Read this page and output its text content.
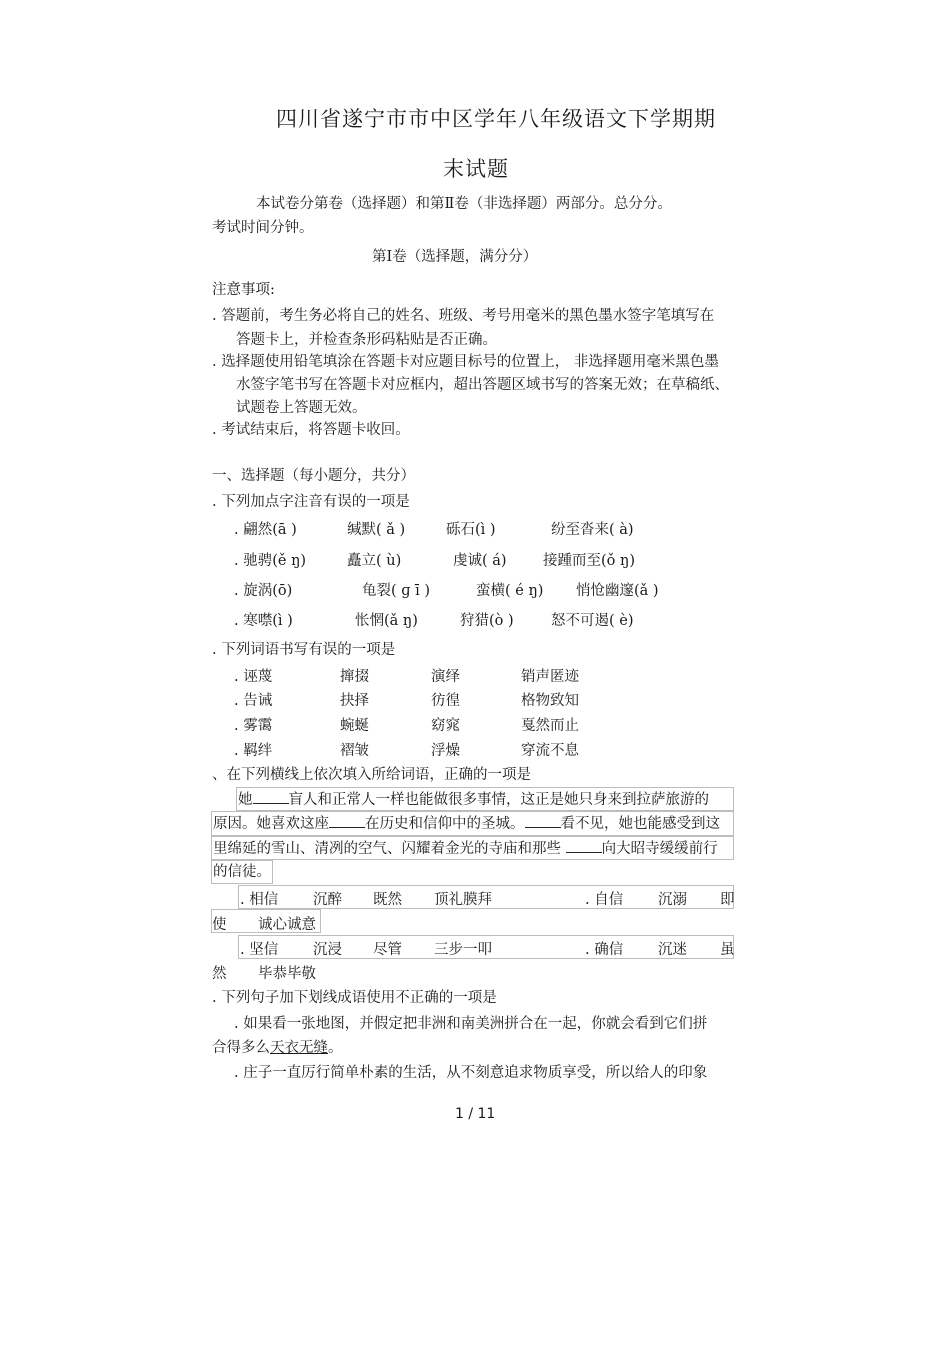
四川省遂宁市市中区学年八年级语文下学期期
末试题
本试卷分第卷（选择题）和第Ⅱ卷（非选择题）两部分。总分分。
考试时间分钟。
第Ⅰ卷（选择题，满分分）
注意事项:
. 答题前，考生务必将自己的姓名、班级、考号用毫米的黑色墨水签字笔填写在
答题卡上，并检查条形码粘贴是否正确。
. 选择题使用铅笔填涂在答题卡对应题目标号的位置上， 非选择题用毫米黑色墨
水签字笔书写在答题卡对应框内，超出答题区域书写的答案无效；在草稿纸、
试题卷上答题无效。
. 考试结束后，将答题卡收回。
一、选择题（每小题分，共分）
. 下列加点字注音有误的一项是
. 翩然(ā )	缄默( ǎ )	砾石(ì )	纷至沓来( à)
. 驰骋(ě ŋ)	矗立( ù)	虔诚( á)	接踵而至(ǒ ŋ)
. 旋涡(ō)	龟裂( ɡ ī )	蛮横( é ŋ) 悄怆幽邃(ǎ )
. 寒噤(ì )	怅惘(ǎ ŋ)	狩猎(ò )	怒不可遏( è)
. 下列词语书写有误的一项是
. 诬蔑	撺掇	演绎	销声匿迹
. 告诫	抉择	彷徨	格物致知
. 雾霭	蜿蜒	窈窕	戛然而止
. 羁绊	褶皱	浮燥	穿流不息
、在下列横线上依次填入所给词语，正确的一项是
她 盲人和正常人一样也能做很多事情，这正是她只身来到拉萨旅游的
原因。她喜欢这座 在历史和信仰中的圣城。 看不见，她也能感受到这
里绵延的雪山、清冽的空气、闪耀着金光的寺庙和那些	向大昭寺缓缓前行
的信徒。
. 相信 沉醉 既然 顶礼膜拜	. 自信 沉溺 即
使 诚心诚意
. 坚信 沉浸 尽管 三步一叩	. 确信 沉迷 虽
然 毕恭毕敬
. 下列句子加下划线成语使用不正确的一项是
. 如果看一张地图，并假定把非洲和南美洲拼合在一起，你就会看到它们拼
合得多么天衣无缝。
. 庄子一直厉行简单朴素的生活，从不刻意追求物质享受，所以给人的印象
1 / 11
